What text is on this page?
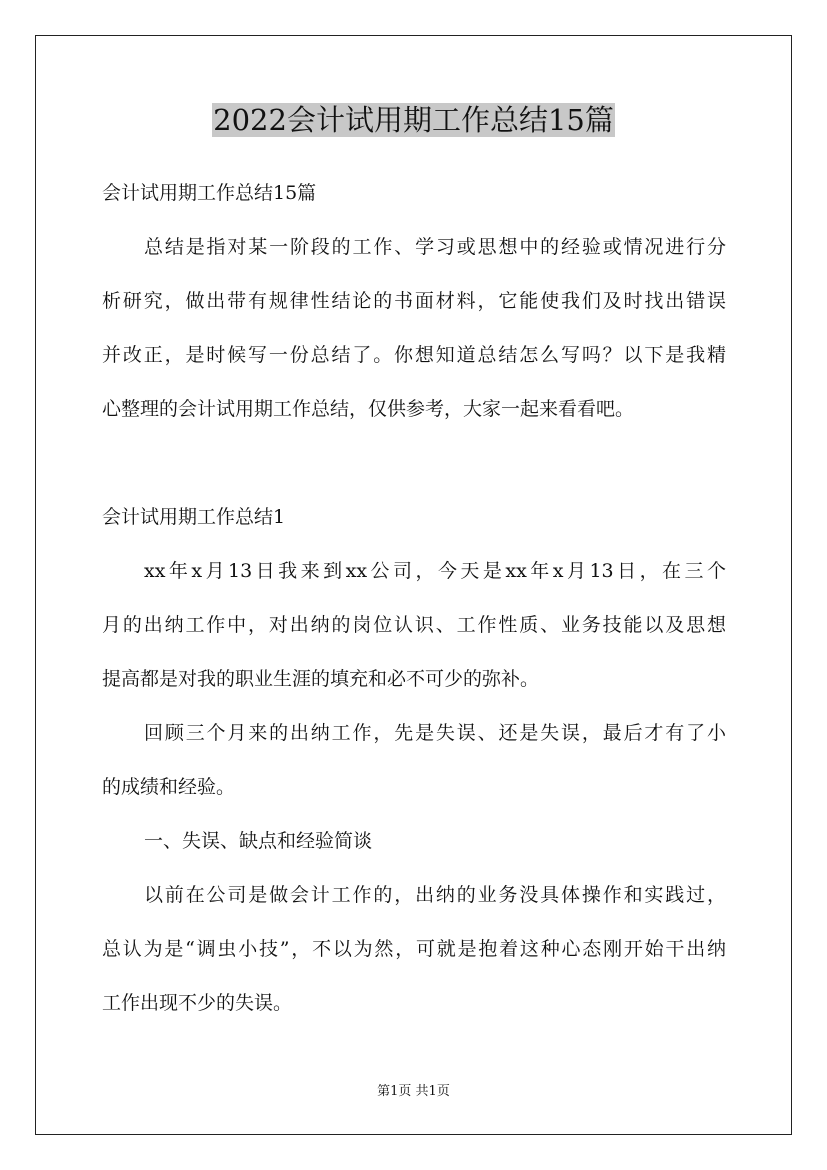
2022会计试用期工作总结15篇

会计试用期工作总结15篇

总结是指对某一阶段的工作、学习或思想中的经验或情况进行分

析研究，做出带有规律性结论的书面材料，它能使我们及时找出错误

并改正，是时候写一份总结了。你想知道总结怎么写吗？以下是我精

心整理的会计试用期工作总结，仅供参考，大家一起来看看吧。

会计试用期工作总结1

xx年x月13日我来到xx公司，今天是xx年x月13日，在三个

月的出纳工作中，对出纳的岗位认识、工作性质、业务技能以及思想

提高都是对我的职业生涯的填充和必不可少的弥补。

回顾三个月来的出纳工作，先是失误、还是失误，最后才有了小

的成绩和经验。

一、失误、缺点和经验简谈

以前在公司是做会计工作的，出纳的业务没具体操作和实践过，

总认为是“调虫小技”，不以为然，可就是抱着这种心态刚开始干出纳

工作出现不少的失误。

第1页 共1页
